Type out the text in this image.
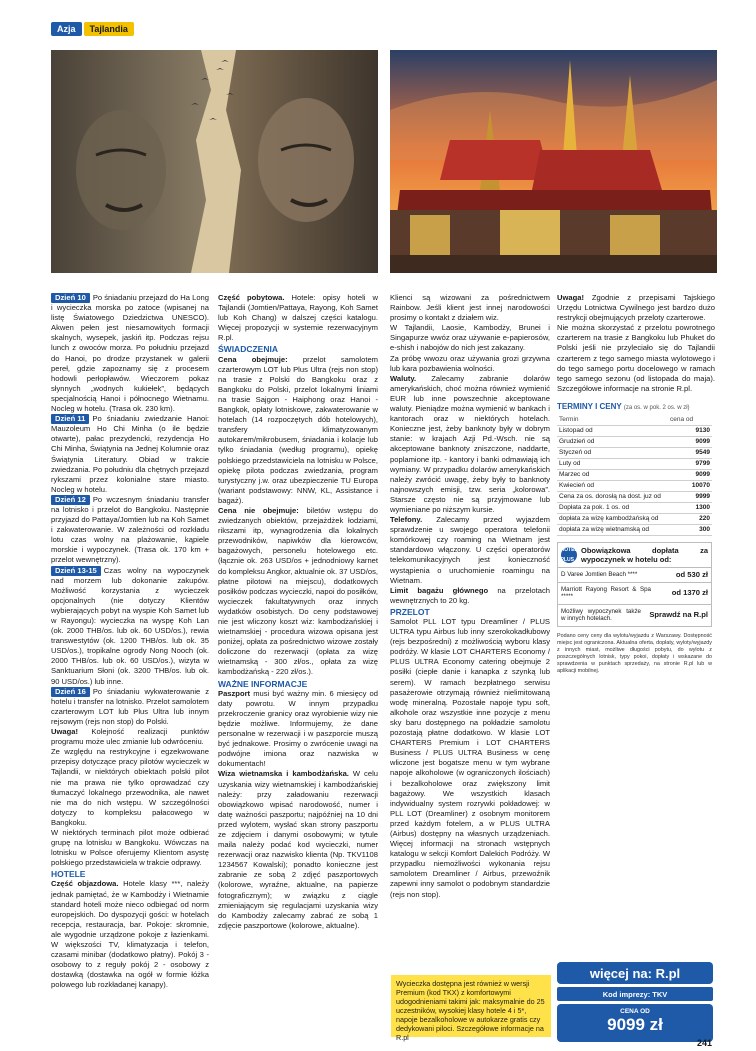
Azja	Tajlandia

Dzień 10 Po śniadaniu przejazd do Ha Long i wycieczka morska po zatoce (wpisanej na listę Światowego Dziedzictwa UNESCO). Akwen pełen jest niesamowitych formacji skalnych, wysepek, jaskiń itp. Podczas rejsu lunch z owoców morza. Po południu przejazd do Hanoi, po drodze przystanek w galerii pereł, gdzie zapoznamy się z procesem hodowli perłopławów. Wieczorem pokaz słynnych „wodnych kukiełek”, będących specjalnością Hanoi i północnego Wietnamu. Nocleg w hotelu. (Trasa ok. 230 km).

Dzień 11 Po śniadaniu zwiedzanie Hanoi: Mauzoleum Ho Chi Minha (o ile będzie otwarte), pałac prezydencki, rezydencja Ho Chi Minha, Świątynia na Jednej Kolumnie oraz Świątynia Literatury. Obiad w trakcie zwiedzania. Po południu dla chętnych przejazd rykszami przez kolonialne stare miasto. Nocleg w hotelu.

Dzień 12 Po wczesnym śniadaniu transfer na lotnisko i przelot do Bangkoku. Następnie przyjazd do Pattaya/Jomtien lub na Koh Samet i zakwaterowanie. W zależności od rozkładu lotu czas wolny na plażowanie, kąpiele morskie i wypoczynek. (Trasa ok. 170 km + przelot wewnętrzny).

Dzień 13-15 Czas wolny na wypoczynek nad morzem lub dokonanie zakupów. Możliwość korzystania z wycieczek opcjonalnych (nie dotyczy Klientów wybierających pobyt na wyspie Koh Samet lub w Rayongu): wycieczka na wyspę Koh Lan (ok. 2000 THB/os. lub ok. 60 USD/os.), rewia transwestytów (ok. 1200 THB/os. lub ok. 35 USD/os.), tropikalne ogrody Nong Nooch (ok. 2000 THB/os. lub ok. 60 USD/os.), wizyta w Sanktuarium Słoni (ok. 3200 THB/os. lub ok. 90 USD/os.) lub inne.

Dzień 16 Po śniadaniu wykwaterowanie z hotelu i transfer na lotnisko. Przelot samolotem czarterowym LOT lub Plus Ultra lub innym rejsowym (rejs non stop) do Polski.

Uwaga! Kolejność realizacji punktów programu może ulec zmianie lub odwróceniu.

Ze względu na restrykcyjne i egzekwowane przepisy dotyczące pracy pilotów wycieczek w Tajlandii, w niektórych obiektach polski pilot nie ma prawa nie tylko oprowadzać czy tłumaczyć lokalnego przewodnika, ale nawet nie ma do nich wstępu. W szczególności dotyczy to kompleksu pałacowego w Bangkoku.

W niektórych terminach pilot może odbierać grupę na lotnisku w Bangkoku. Wówczas na lotnisku w Polsce oferujemy Klientom asystę polskiego przedstawiciela w trakcie odprawy.

HOTELE

Część objazdowa. Hotele klasy ***, należy jednak pamiętać, że w Kambodży i Wietnamie standard hoteli może nieco odbiegać od norm europejskich. Do dyspozycji gości: w hotelach recepcja, restauracja, bar. Pokoje: skromnie, ale wygodnie urządzone pokoje z łazienkami. W większości TV, klimatyzacja i telefon, czasami minibar (dodatkowo płatny). Pokój 3 - osobowy to z reguły pokój 2 - osobowy z dostawką (dostawka na ogół w formie łóżka polowego lub rozkładanej kanapy).

Część pobytowa. Hotele: opisy hoteli w Tajlandii (Jomtien/Pattaya, Rayong, Koh Samet lub Koh Chang) w dalszej części katalogu. Więcej propozycji w systemie rezerwacyjnym R.pl.

ŚWIADCZENIA

Cena obejmuje: przelot samolotem czarterowym LOT lub Plus Ultra (rejs non stop) na trasie z Polski do Bangkoku oraz z Bangkoku do Polski, przelot lokalnymi liniami na trasie Sajgon - Haiphong oraz Hanoi - Bangkok, opłaty lotniskowe, zakwaterowanie w hotelach (14 rozpoczętych dób hotelowych), transfery klimatyzowanym autokarem/mikrobusem, śniadania i kolacje lub tylko śniadania (według programu), opiekę polskiego przedstawiciela na lotnisku w Polsce, opiekę pilota podczas zwiedzania, program turystyczny j.w. oraz ubezpieczenie TU Europa (wariant podstawowy: NNW, KL, Assistance i bagaż).

Cena nie obejmuje: biletów wstępu do zwiedzanych obiektów, przejażdżek łodziami, rikszami itp, wynagrodzenia dla lokalnych przewodników, napiwków dla kierowców, bagażowych, personelu hotelowego etc. (łącznie ok. 263 USD/os + jednodniowy karnet do kompleksu Angkor, aktualnie ok. 37 USD/os, płatne pilotowi na miejscu), dodatkowych posiłków podczas wycieczki, napoi do posiłków, wycieczek fakultatywnych oraz innych wydatków osobistych. Do ceny podstawowej nie jest wliczony koszt wiz: kambodżańskiej i wietnamskiej - procedura wizowa opisana jest poniżej, opłata za pośrednictwo wizowe zostały doliczone do rezerwacji (opłata za wizę wietnamską - 300 zł/os., opłata za wizę kambodżańską - 220 zł/os.).

WAŻNE INFORMACJE

Paszport musi być ważny min. 6 miesięcy od daty powrotu. W innym przypadku przekroczenie granicy oraz wyrobienie wizy nie będzie możliwe. Informujemy, że dane personalne w rezerwacji i w paszporcie muszą być jednakowe. Prosimy o zwrócenie uwagi na podwójne imiona oraz nazwiska w dokumentach!

Wiza wietnamska i kambodżańska. W celu uzyskania wizy wietnamskiej i kambodżańskiej należy: przy załadowaniu rezerwacji obowiązkowo wpisać narodowość, numer i datę ważności paszportu; najpóźniej na 10 dni przed wylotem, wysłać skan strony paszportu ze zdjęciem i danymi osobowymi; w tytule maila należy podać kod wycieczki, numer rezerwacji oraz nazwisko klienta (Np. TKV1108 1234567 Kowalski); ponadto konieczne jest zabranie ze sobą 2 zdjęć paszportowych (kolorowe, wyraźne, aktualne, na papierze fotograficznym); w związku z ciągle zmieniającym się regulacjami uzyskania wizy do Kambodży zalecamy zabrać ze sobą 1 zdjęcie paszportowe (kolorowe, aktualne).

Klienci są wizowani za pośrednictwem Rainbow. Jeśli klient jest innej narodowości prosimy o kontakt z działem wiz.

W Tajlandii, Laosie, Kambodży, Brunei i Singapurze wwóz oraz używanie e-papierosów, e-shish i nabojów do nich jest zakazany.

Za próbę wwozu oraz używania grozi grzywna lub kara pozbawienia wolności.

Waluty. Zalecamy zabranie dolarów amerykańskich, choć można również wymienić EUR lub inne powszechnie akceptowane waluty. Pieniądze można wymienić w bankach i kantorach oraz w niektórych hotelach. Konieczne jest, żeby banknoty były w dobrym stanie: w krajach Azji Pd.-Wsch. nie są akceptowane banknoty zniszczone, naddarte, poplamione itp. - kantory i banki odmawiają ich wymiany. W przypadku dolarów amerykańskich należy zwrócić uwagę, żeby były to banknoty najnowszych emisji, tzw. seria „kolorowa”. Starsze często nie są przyjmowane lub wymieniane po niższym kursie.

Telefony. Zalecamy przed wyjazdem sprawdzenie u swojego operatora telefonii komórkowej czy roaming na Wietnam jest standardowo włączony. U części operatorów telekomunikacyjnych jest konieczność wystąpienia o uruchomienie roamingu na Wietnam.

Limit bagażu głównego na przelotach wewnętrznych to 20 kg.

PRZELOT

Samolot PLL LOT typu Dreamliner / PLUS ULTRA typu Airbus lub inny szerokokadłubowy (rejs bezpośredni) z możliwością wyboru klasy podróży. W klasie LOT CHARTERS Economy / PLUS ULTRA Economy catering obejmuje 2 posiłki (ciepłe danie i kanapka z szynką lub serem). W ramach bezpłatnego serwisu pasażerowie otrzymają również nielimitowaną wodę mineralną. Pozostałe napoje typu soft, alkohole oraz wszystkie inne pozycje z menu sky baru dostępnego na pokładzie samolotu pozostają płatne dodatkowo. W klasie LOT CHARTERS Premium i LOT CHARTERS Business / PLUS ULTRA Business w cenę wliczone jest bogatsze menu w tym wybrane napoje alkoholowe (w ograniczonych ilościach) i bezalkoholowe oraz zwiększony limit bagażowy. We wszystkich klasach indywidualny system rozrywki pokładowej: w PLL LOT (Dreamliner) z osobnym monitorem przed każdym fotelem, a w PLUS ULTRA (Airbus) dostępny na własnych urządzeniach. Więcej informacji na stronach wstępnych katalogu w sekcji Komfort Dalekich Podróży. W przypadku niemożliwości wykonania rejsu samolotem Dreamliner / Airbus, przewoźnik zapewni inny samolot o podobnym standardzie (rejs non stop).

Uwaga! Zgodnie z przepisami Tajskiego Urzędu Lotnictwa Cywilnego jest bardzo dużo restrykcji obejmujących przeloty czarterowe.

Nie można skorzystać z przelotu powrotnego czarterem na trasie z Bangkoku lub Phuket do Polski jeśli nie przyleciało się do Tajlandii czarterem z tego samego miasta wylotowego i do tego samego portu docelowego w ramach tego samego sezonu (od listopada do maja). Szczegółowe informacje na stronie R.pl.

TERMINY I CENY (za os. w pok. 2 os. w zł)
Termin	cena od
Listopad od	9130
Grudzień od	9099
Styczeń od	9549
Luty od	9799
Marzec od	9099
Kwiecień od	10070
Cena za os. dorosłą na dost. juz od	9999
Dopłata za pok. 1 os. od	1300
dopłata za wizę kambodżańską od	220
dopłata za wizę wietnamską od	300
HOTEL PLUS
Obowiązkowa dopłata za wypoczynek w hotelu od:
D Varee Jomtien Beach ****	od 530 zł
Marriott Rayong Resort & Spa *****	od 1370 zł
Możliwy wypoczynek także w innych hotelach.	Sprawdź na R.pl
Podano ceny ceny dla wylotu/wyjazdu z Warszawy. Dostępność miejsc jest ograniczona. Aktualna oferta, dopłaty, wyloty/wyjazdy z innych miast, możliwe długości pobytu, do wylotu z poszczególnych lotnisk, typy pokoi, dopłaty i wskazane do sprawdzenia w punktach sprzedaży, na stronie R.pl lub w aplikacji mobilnej.
Wycieczka dostępna jest również w wersji Premium (kod TKX) z komfortowymi udogodnieniami takimi jak: maksymalnie do 25 uczestników, wysokiej klasy hotele 4 i 5*, napoje bezalkoholowe w autokarze gratis czy dedykowani piloci. Szczegółowe informacje na R.pl
więcej na: R.pl
Kod imprezy: TKV
CENA OD
9099 zł
241
